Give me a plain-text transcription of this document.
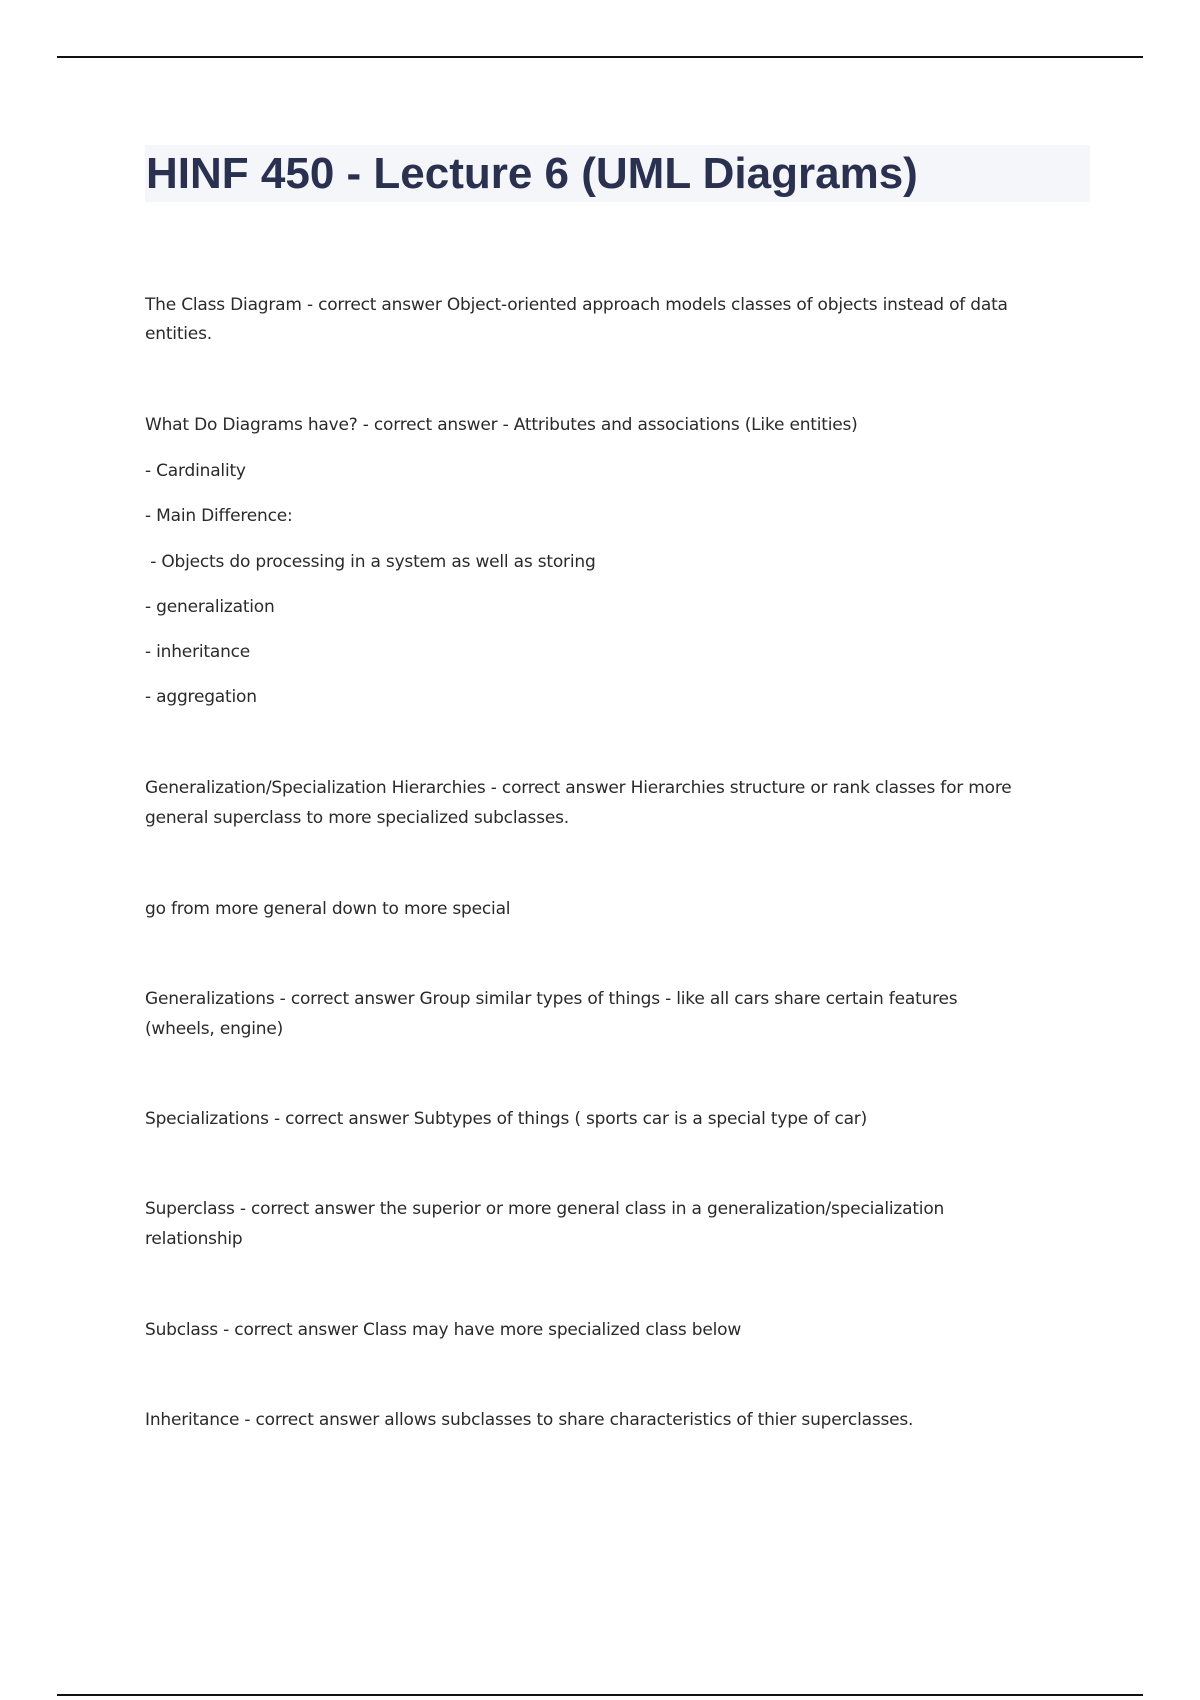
HINF 450 - Lecture 6 (UML Diagrams)

The Class Diagram - correct answer Object-oriented approach models classes of objects instead of data

entities.

What Do Diagrams have? - correct answer - Attributes and associations (Like entities)

- Cardinality

- Main Difference:

- Objects do processing in a system as well as storing

- generalization

- inheritance

- aggregation

Generalization/Specialization Hierarchies - correct answer Hierarchies structure or rank classes for more

general superclass to more specialized subclasses.

go from more general down to more special

Generalizations - correct answer Group similar types of things - like all cars share certain features

(wheels, engine)

Specializations - correct answer Subtypes of things ( sports car is a special type of car)

Superclass - correct answer the superior or more general class in a generalization/specialization

relationship

Subclass - correct answer Class may have more specialized class below

Inheritance - correct answer allows subclasses to share characteristics of thier superclasses.
